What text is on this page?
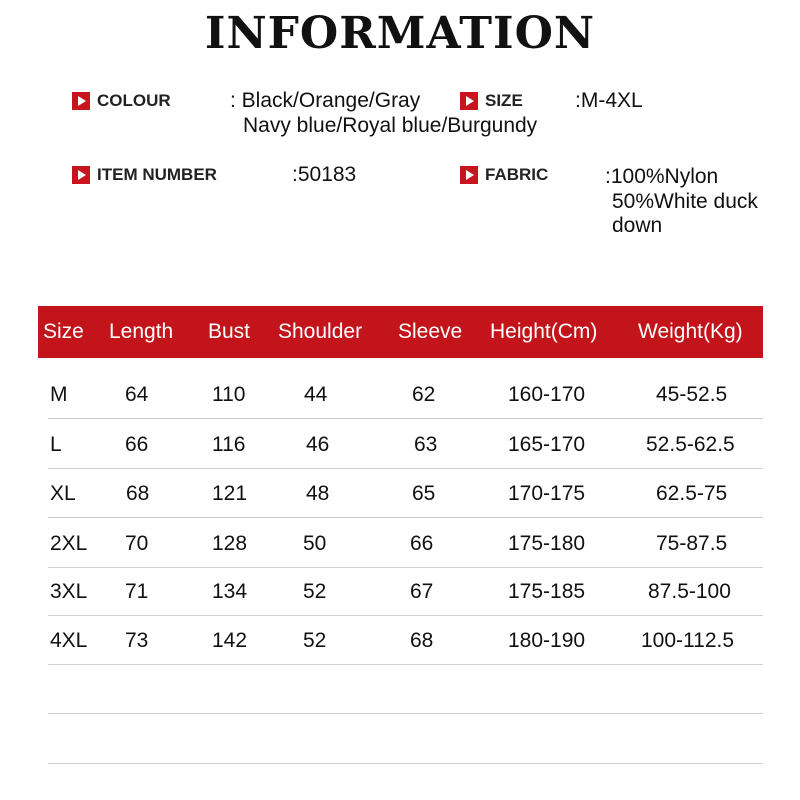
INFORMATION
COLOUR	: Black/Orange/Gray
Navy blue/Royal blue/Burgundy
SIZE :M-4XL
ITEM NUMBER	:50183	FABRIC	:100%Nylon
50%White duck
down
Size Length Bust Shoulder Sleeve Height(Cm) Weight(Kg)
M	64	110	44	62	160-170	45-52.5
L	66	116	46	63	165-170	52.5-62.5
XL 68	121	48	65	170-175	62.5-75
2XL 70	128	50	66	175-180	75-87.5
3XL 71	134	52	67	175-185	87.5-100
4XL 73	142	52	68	180-190	100-112.5
